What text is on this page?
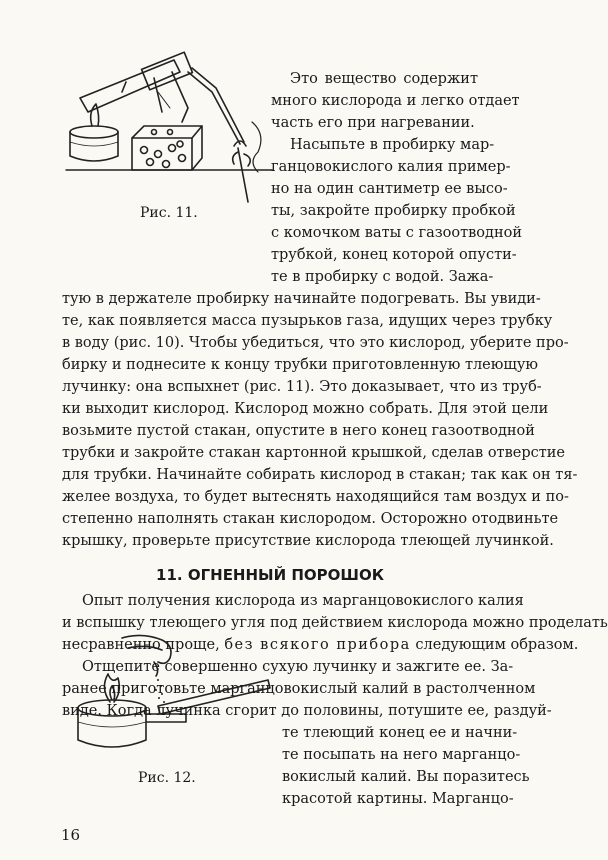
Рис. 11.
Рис. 12.
Это вещество содержит
много кислорода и легко отдает
часть его при нагревании.
Насыпьте в пробирку мар-
ганцовокислого калия пример-
но на один сантиметр ее высо-
ты, закройте пробирку пробкой
с комочком ваты с газоотводной
трубкой, конец которой опусти-
те в пробирку с водой. Зажа-
тую в держателе пробирку начинайте подогревать. Вы увиди-
те, как появляется масса пузырьков газа, идущих через трубку
в воду (рис. 10). Чтобы убедиться, что это кислород, уберите про-
бирку и поднесите к концу трубки приготовленную тлеющую
лучинку: она вспыхнет (рис. 11). Это доказывает, что из труб-
ки выходит кислород. Кислород можно собрать. Для этой цели
возьмите пустой стакан, опустите в него конец газоотводной
трубки и закройте стакан картонной крышкой, сделав отверстие
для трубки. Начинайте собирать кислород в стакан; так как он тя-
желее воздуха, то будет вытеснять находящийся там воздух и по-
степенно наполнять стакан кислородом. Осторожно отодвиньте
крышку, проверьте присутствие кислорода тлеющей лучинкой.
11. ОГНЕННЫЙ ПОРОШОК
Опыт получения кислорода из марганцовокислого калия
и вспышку тлеющего угля под действием кислорода можно проделать
несравненно проще, без всякого прибора следующим образом.
Отщепите совершенно сухую лучинку и зажгите ее. За-
ранее приготовьте марганцовокислый калий в растолченном
виде. Когда лучинка сгорит до половины, потушите ее, раздуй-
те тлеющий конец ее и начни-
те посыпать на него марганцо-
вокислый калий. Вы поразитесь
красотой картины. Марганцо-
16
